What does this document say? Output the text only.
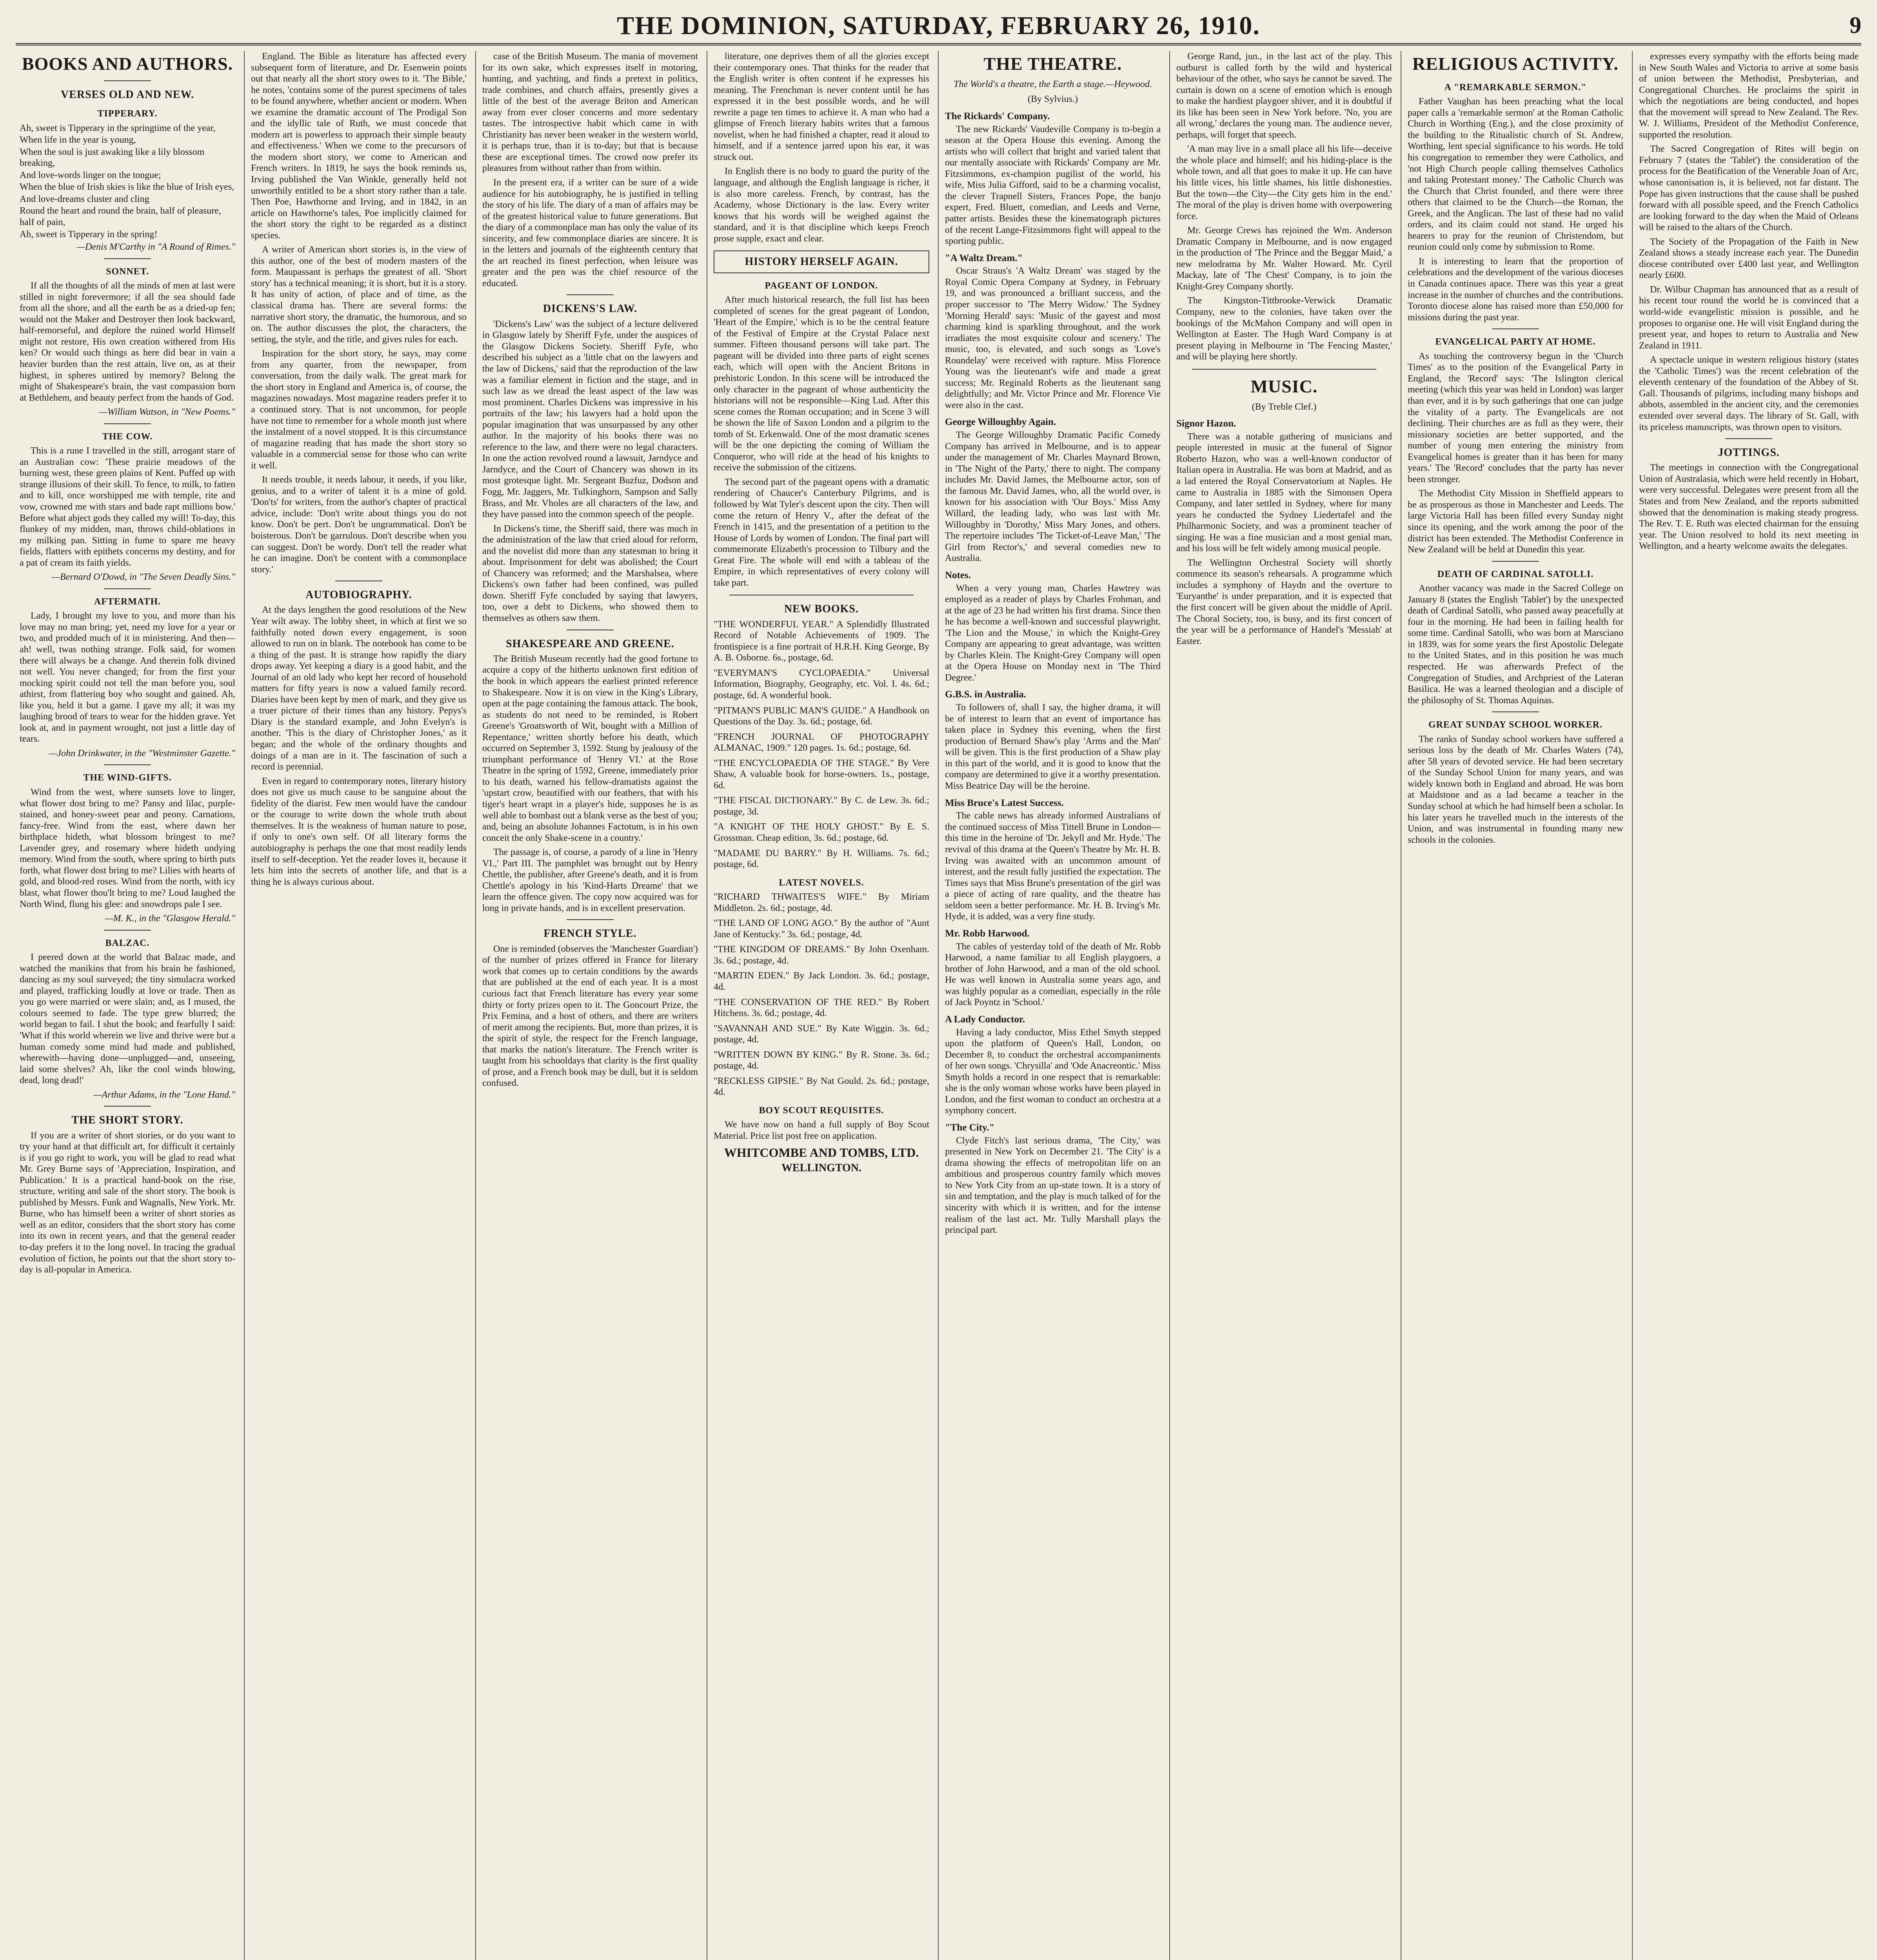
THE DOMINION, SATURDAY, FEBRUARY 26, 1910.	9
BOOKS AND AUTHORS.
VERSES OLD AND NEW.
TIPPERARY.

Ah, sweet is Tipperary in the springtime of the year,

When life in the year is young,

When the soul is just awaking like a lily blossom breaking,

And love-words linger on the tongue;

When the blue of Irish skies is like the blue of Irish eyes,

And love-dreams cluster and cling

Round the heart and round the brain, half of pleasure, half of pain,

Ah, sweet is Tipperary in the spring!

—Denis M'Carthy in "A Round of Rimes."
SONNET.

If all the thoughts of all the minds of men at last were stilled in night forevermore; if all the sea should fade from all the shore, and all the earth be as a dried-up fen; would not the Maker and Destroyer then look backward, half-remorseful, and deplore the ruined world Himself might not restore, His own creation withered from His ken? Or would such things as here did bear in vain a heavier burden than the rest attain, live on, as at their highest, in spheres untired by memory? Belong the might of Shakespeare's brain, the vast compassion born at Bethlehem, and beauty perfect from the hands of God.

—William Watson, in "New Poems."
THE COW.

This is a rune I travelled in the still, arrogant stare of an Australian cow: 'These prairie meadows of the burning west, these green plains of Kent. Puffed up with strange illusions of their skill. To fence, to milk, to fatten and to kill, once worshipped me with temple, rite and vow, crowned me with stars and bade rapt millions bow.' Before what abject gods they called my will! To-day, this flunkey of my midden, man, throws child-oblations in my milking pan. Sitting in fume to spare me heavy fields, flatters with epithets concerns my destiny, and for a pat of cream its faith yields.

—Bernard O'Dowd, in "The Seven Deadly Sins."
AFTERMATH.

Lady, I brought my love to you, and more than his love may no man bring; yet, need my love for a year or two, and prodded much of it in ministering. And then—ah! well, twas nothing strange. Folk said, for women there will always be a change. And therein folk divined not well. You never changed; for from the first your mocking spirit could not tell the man before you, soul athirst, from flattering boy who sought and gained. Ah, like you, held it but a game. I gave my all; it was my laughing brood of tears to wear for the hidden grave. Yet look at, and in payment wrought, not just a little day of tears.

—John Drinkwater, in the "Westminster Gazette."
THE WIND-GIFTS.

Wind from the west, where sunsets love to linger, what flower dost bring to me? Pansy and lilac, purple-stained, and honey-sweet pear and peony. Carnations, fancy-free. Wind from the east, where dawn her birthplace hideth, what blossom bringest to me? Lavender grey, and rosemary where hideth undying memory. Wind from the south, where spring to birth puts forth, what flower dost bring to me? Lilies with hearts of gold, and blood-red roses. Wind from the north, with icy blast, what flower thou'lt bring to me? Loud laughed the North Wind, flung his glee: and snowdrops pale I see.

—M. K., in the "Glasgow Herald."
BALZAC.

I peered down at the world that Balzac made, and watched the manikins that from his brain he fashioned, dancing as my soul surveyed; the tiny simulacra worked and played, trafficking loudly at love or trade. Then as you go were married or were slain; and, as I mused, the colours seemed to fade. The type grew blurred; the world began to fail. I shut the book; and fearfully I said: 'What if this world wherein we live and thrive were but a human comedy some mind had made and published, wherewith—having done—unplugged—and, unseeing, laid some shelves? Ah, like the cool winds blowing, dead, long dead!'

—Arthur Adams, in the "Lone Hand."
THE SHORT STORY.

If you are a writer of short stories, or do you want to try your hand at that difficult art, for difficult it certainly is if you go right to work, you will be glad to read what Mr. Grey Burne says of 'Appreciation, Inspiration, and Publication.' It is a practical hand-book on the rise, structure, writing and sale of the short story. The book is published by Messrs. Funk and Wagnalls, New York. Mr. Burne, who has himself been a writer of short stories as well as an editor, considers that the short story has come into its own in recent years, and that the general reader to-day prefers it to the long novel. In tracing the gradual evolution of fiction, he points out that the short story to-day is all-popular in America.

England. The Bible as literature has affected every subsequent form of literature, and Dr. Esenwein points out that nearly all the short story owes to it. 'The Bible,' he notes, 'contains some of the purest specimens of tales to be found anywhere, whether ancient or modern. When we examine the dramatic account of The Prodigal Son and the idyllic tale of Ruth, we must concede that modern art is powerless to approach their simple beauty and effectiveness.' When we come to the precursors of the modern short story, we come to American and French writers. In 1819, he says the book reminds us, Irving published the Van Winkle, generally held not unworthily entitled to be a short story rather than a tale. Then Poe, Hawthorne and Irving, and in 1842, in an article on Hawthorne's tales, Poe implicitly claimed for the short story the right to be regarded as a distinct species.

A writer of American short stories is, in the view of this author, one of the best of modern masters of the form. Maupassant is perhaps the greatest of all. 'Short story' has a technical meaning; it is short, but it is a story. It has unity of action, of place and of time, as the classical drama has. There are several forms: the narrative short story, the dramatic, the humorous, and so on. The author discusses the plot, the characters, the setting, the style, and the title, and gives rules for each.

Inspiration for the short story, he says, may come from any quarter, from the newspaper, from conversation, from the daily walk. The great mark for the short story in England and America is, of course, the magazines nowadays. Most magazine readers prefer it to a continued story. That is not uncommon, for people have not time to remember for a whole month just where the instalment of a novel stopped. It is this circumstance of magazine reading that has made the short story so valuable in a commercial sense for those who can write it well.

It needs trouble, it needs labour, it needs, if you like, genius, and to a writer of talent it is a mine of gold. 'Don'ts' for writers, from the author's chapter of practical advice, include: 'Don't write about things you do not know. Don't be pert. Don't be ungrammatical. Don't be boisterous. Don't be garrulous. Don't describe when you can suggest. Don't be wordy. Don't tell the reader what he can imagine. Don't be content with a commonplace story.'

AUTOBIOGRAPHY.

At the days lengthen the good resolutions of the New Year wilt away. The lobby sheet, in which at first we so faithfully noted down every engagement, is soon allowed to run on in blank. The notebook has come to be a thing of the past. It is strange how rapidly the diary drops away. Yet keeping a diary is a good habit, and the Journal of an old lady who kept her record of household matters for fifty years is now a valued family record. Diaries have been kept by men of mark, and they give us a truer picture of their times than any history. Pepys's Diary is the standard example, and John Evelyn's is another. 'This is the diary of Christopher Jones,' as it began; and the whole of the ordinary thoughts and doings of a man are in it. The fascination of such a record is perennial.

Even in regard to contemporary notes, literary history does not give us much cause to be sanguine about the fidelity of the diarist. Few men would have the candour or the courage to write down the whole truth about themselves. It is the weakness of human nature to pose, if only to one's own self. Of all literary forms the autobiography is perhaps the one that most readily lends itself to self-deception. Yet the reader loves it, because it lets him into the secrets of another life, and that is a thing he is always curious about.

case of the British Museum. The mania of movement for its own sake, which expresses itself in motoring, hunting, and yachting, and finds a pretext in politics, trade combines, and church affairs, presently gives a little of the best of the average Briton and American away from ever closer concerns and more sedentary tastes. The introspective habit which came in with Christianity has never been weaker in the western world, it is perhaps true, than it is to-day; but that is because these are exceptional times. The crowd now prefer its pleasures from without rather than from within.

In the present era, if a writer can be sure of a wide audience for his autobiography, he is justified in telling the story of his life. The diary of a man of affairs may be of the greatest historical value to future generations. But the diary of a commonplace man has only the value of its sincerity, and few commonplace diaries are sincere. It is in the letters and journals of the eighteenth century that the art reached its finest perfection, when leisure was greater and the pen was the chief resource of the educated.

DICKENS'S LAW.

'Dickens's Law' was the subject of a lecture delivered in Glasgow lately by Sheriff Fyfe, under the auspices of the Glasgow Dickens Society. Sheriff Fyfe, who described his subject as a 'little chat on the lawyers and the law of Dickens,' said that the reproduction of the law was a familiar element in fiction and the stage, and in such law as we dread the least aspect of the law was most prominent. Charles Dickens was impressive in his portraits of the law; his lawyers had a hold upon the popular imagination that was unsurpassed by any other author. In the majority of his books there was no reference to the law, and there were no legal characters. In one the action revolved round a lawsuit, Jarndyce and Jarndyce, and the Court of Chancery was shown in its most grotesque light. Mr. Sergeant Buzfuz, Dodson and Fogg, Mr. Jaggers, Mr. Tulkinghorn, Sampson and Sally Brass, and Mr. Vholes are all characters of the law, and they have passed into the common speech of the people.

In Dickens's time, the Sheriff said, there was much in the administration of the law that cried aloud for reform, and the novelist did more than any statesman to bring it about. Imprisonment for debt was abolished; the Court of Chancery was reformed; and the Marshalsea, where Dickens's own father had been confined, was pulled down. Sheriff Fyfe concluded by saying that lawyers, too, owe a debt to Dickens, who showed them to themselves as others saw them.

SHAKESPEARE AND GREENE.

The British Museum recently had the good fortune to acquire a copy of the hitherto unknown first edition of the book in which appears the earliest printed reference to Shakespeare. Now it is on view in the King's Library, open at the page containing the famous attack. The book, as students do not need to be reminded, is Robert Greene's 'Groatsworth of Wit, bought with a Million of Repentance,' written shortly before his death, which occurred on September 3, 1592. Stung by jealousy of the triumphant performance of 'Henry VI.' at the Rose Theatre in the spring of 1592, Greene, immediately prior to his death, warned his fellow-dramatists against the 'upstart crow, beautified with our feathers, that with his tiger's heart wrapt in a player's hide, supposes he is as well able to bombast out a blank verse as the best of you; and, being an absolute Johannes Factotum, is in his own conceit the only Shake-scene in a country.'

The passage is, of course, a parody of a line in 'Henry VI.,' Part III. The pamphlet was brought out by Henry Chettle, the publisher, after Greene's death, and it is from Chettle's apology in his 'Kind-Harts Dreame' that we learn the offence given. The copy now acquired was for long in private hands, and is in excellent preservation.

FRENCH STYLE.

One is reminded (observes the 'Manchester Guardian') of the number of prizes offered in France for literary work that comes up to certain conditions by the awards that are published at the end of each year. It is a most curious fact that French literature has every year some thirty or forty prizes open to it. The Goncourt Prize, the Prix Femina, and a host of others, and there are writers of merit among the recipients. But, more than prizes, it is the spirit of style, the respect for the French language, that marks the nation's literature. The French writer is taught from his schooldays that clarity is the first quality of prose, and a French book may be dull, but it is seldom confused.

literature, one deprives them of all the glories except their contemporary ones. That thinks for the reader that the English writer is often content if he expresses his meaning. The Frenchman is never content until he has expressed it in the best possible words, and he will rewrite a page ten times to achieve it. A man who had a glimpse of French literary habits writes that a famous novelist, when he had finished a chapter, read it aloud to himself, and if a sentence jarred upon his ear, it was struck out.

In English there is no body to guard the purity of the language, and although the English language is richer, it is also more careless. French, by contrast, has the Academy, whose Dictionary is the law. Every writer knows that his words will be weighed against the standard, and it is that discipline which keeps French prose supple, exact and clear.

HISTORY HERSELF AGAIN.
PAGEANT OF LONDON.

After much historical research, the full list has been completed of scenes for the great pageant of London, 'Heart of the Empire,' which is to be the central feature of the Festival of Empire at the Crystal Palace next summer. Fifteen thousand persons will take part. The pageant will be divided into three parts of eight scenes each, which will open with the Ancient Britons in prehistoric London. In this scene will be introduced the only character in the pageant of whose authenticity the historians will not be responsible—King Lud. After this scene comes the Roman occupation; and in Scene 3 will be shown the life of Saxon London and a pilgrim to the tomb of St. Erkenwald. One of the most dramatic scenes will be the one depicting the coming of William the Conqueror, who will ride at the head of his knights to receive the submission of the citizens.

The second part of the pageant opens with a dramatic rendering of Chaucer's Canterbury Pilgrims, and is followed by Wat Tyler's descent upon the city. Then will come the return of Henry V., after the defeat of the French in 1415, and the presentation of a petition to the House of Lords by women of London. The final part will commemorate Elizabeth's procession to Tilbury and the Great Fire. The whole will end with a tableau of the Empire, in which representatives of every colony will take part.

NEW BOOKS.

"THE WONDERFUL YEAR." A Splendidly Illustrated Record of Notable Achievements of 1909. The frontispiece is a fine portrait of H.R.H. King George, By A. B. Osborne. 6s., postage, 6d.

"EVERYMAN'S CYCLOPAEDIA." Universal Information, Biography, Geography, etc. Vol. I. 4s. 6d.; postage, 6d. A wonderful book.

"PITMAN'S PUBLIC MAN'S GUIDE." A Handbook on Questions of the Day. 3s. 6d.; postage, 6d.

"FRENCH JOURNAL OF PHOTOGRAPHY ALMANAC, 1909." 120 pages. 1s. 6d.; postage, 6d.

"THE ENCYCLOPAEDIA OF THE STAGE." By Vere Shaw, A valuable book for horse-owners. 1s., postage, 6d.

"THE FISCAL DICTIONARY." By C. de Lew. 3s. 6d.; postage, 3d.

"A KNIGHT OF THE HOLY GHOST." By E. S. Grossman. Cheap edition, 3s. 6d.; postage, 6d.

"MADAME DU BARRY." By H. Williams. 7s. 6d.; postage, 6d.

LATEST NOVELS.

"RICHARD THWAITES'S WIFE." By Miriam Middleton. 2s. 6d.; postage, 4d.

"THE LAND OF LONG AGO." By the author of "Aunt Jane of Kentucky." 3s. 6d.; postage, 4d.

"THE KINGDOM OF DREAMS." By John Oxenham. 3s. 6d.; postage, 4d.

"MARTIN EDEN." By Jack London. 3s. 6d.; postage, 4d.

"THE CONSERVATION OF THE RED." By Robert Hitchens. 3s. 6d.; postage, 4d.

"SAVANNAH AND SUE." By Kate Wiggin. 3s. 6d.; postage, 4d.

"WRITTEN DOWN BY KING." By R. Stone. 3s. 6d.; postage, 4d.

"RECKLESS GIPSIE." By Nat Gould. 2s. 6d.; postage, 4d.

BOY SCOUT REQUISITES.

We have now on hand a full supply of Boy Scout Material. Price list post free on application.

WHITCOMBE AND TOMBS, LTD.
WELLINGTON.
THE THEATRE.
The World's a theatre, the Earth a stage.—Heywood.
(By Sylvius.)
The Rickards' Company.

The new Rickards' Vaudeville Company is to-begin a season at the Opera House this evening. Among the artists who will collect that bright and varied talent that our mentally associate with Rickards' Company are Mr. Fitzsimmons, ex-champion pugilist of the world, his wife, Miss Julia Gifford, said to be a charming vocalist, the clever Trapnell Sisters, Frances Pope, the banjo expert, Fred. Bluett, comedian, and Leeds and Verne, patter artists. Besides these the kinematograph pictures of the recent Lange-Fitzsimmons fight will appeal to the sporting public.

"A Waltz Dream."

Oscar Straus's 'A Waltz Dream' was staged by the Royal Comic Opera Company at Sydney, in February 19, and was pronounced a brilliant success, and the proper successor to 'The Merry Widow.' The Sydney 'Morning Herald' says: 'Music of the gayest and most charming kind is sparkling throughout, and the work irradiates the most exquisite colour and scenery.' The music, too, is elevated, and such songs as 'Love's Roundelay' were received with rapture. Miss Florence Young was the lieutenant's wife and made a great success; Mr. Reginald Roberts as the lieutenant sang delightfully; and Mr. Victor Prince and Mr. Florence Vie were also in the cast.

George Willoughby Again.

The George Willoughby Dramatic Pacific Comedy Company has arrived in Melbourne, and is to appear under the management of Mr. Charles Maynard Brown, in 'The Night of the Party,' there to night. The company includes Mr. David James, the Melbourne actor, son of the famous Mr. David James, who, all the world over, is known for his association with 'Our Boys.' Miss Amy Willard, the leading lady, who was last with Mr. Willoughby in 'Dorothy,' Miss Mary Jones, and others. The repertoire includes 'The Ticket-of-Leave Man,' 'The Girl from Rector's,' and several comedies new to Australia.

Notes.

When a very young man, Charles Hawtrey was employed as a reader of plays by Charles Frohman, and at the age of 23 he had written his first drama. Since then he has become a well-known and successful playwright. 'The Lion and the Mouse,' in which the Knight-Grey Company are appearing to great advantage, was written by Charles Klein. The Knight-Grey Company will open at the Opera House on Monday next in 'The Third Degree.'

G.B.S. in Australia.

To followers of, shall I say, the higher drama, it will be of interest to learn that an event of importance has taken place in Sydney this evening, when the first production of Bernard Shaw's play 'Arms and the Man' will be given. This is the first production of a Shaw play in this part of the world, and it is good to know that the company are determined to give it a worthy presentation. Miss Beatrice Day will be the heroine.

Miss Bruce's Latest Success.

The cable news has already informed Australians of the continued success of Miss Tittell Brune in London—this time in the heroine of 'Dr. Jekyll and Mr. Hyde.' The revival of this drama at the Queen's Theatre by Mr. H. B. Irving was awaited with an uncommon amount of interest, and the result fully justified the expectation. The Times says that Miss Brune's presentation of the girl was a piece of acting of rare quality, and the theatre has seldom seen a better performance. Mr. H. B. Irving's Mr. Hyde, it is added, was a very fine study.

Mr. Robb Harwood.

The cables of yesterday told of the death of Mr. Robb Harwood, a name familiar to all English playgoers, a brother of John Harwood, and a man of the old school. He was well known in Australia some years ago, and was highly popular as a comedian, especially in the rôle of Jack Poyntz in 'School.'

A Lady Conductor.

Having a lady conductor, Miss Ethel Smyth stepped upon the platform of Queen's Hall, London, on December 8, to conduct the orchestral accompaniments of her own songs. 'Chrysilla' and 'Ode Anacreontic.' Miss Smyth holds a record in one respect that is remarkable: she is the only woman whose works have been played in London, and the first woman to conduct an orchestra at a symphony concert.

"The City."

Clyde Fitch's last serious drama, 'The City,' was presented in New York on December 21. 'The City' is a drama showing the effects of metropolitan life on an ambitious and prosperous country family which moves to New York City from an up-state town. It is a story of sin and temptation, and the play is much talked of for the sincerity with which it is written, and for the intense realism of the last act. Mr. Tully Marshall plays the principal part.

George Rand, jun., in the last act of the play. This outburst is called forth by the wild and hysterical behaviour of the other, who says he cannot be saved. The curtain is down on a scene of emotion which is enough to make the hardiest playgoer shiver, and it is doubtful if its like has been seen in New York before. 'No, you are all wrong,' declares the young man. The audience never, perhaps, will forget that speech.

'A man may live in a small place all his life—deceive the whole place and himself; and his hiding-place is the whole town, and all that goes to make it up. He can have his little vices, his little shames, his little dishonesties. But the town—the City—the City gets him in the end.' The moral of the play is driven home with overpowering force.

Mr. George Crews has rejoined the Wm. Anderson Dramatic Company in Melbourne, and is now engaged in the production of 'The Prince and the Beggar Maid,' a new melodrama by Mr. Walter Howard. Mr. Cyril Mackay, late of 'The Chest' Company, is to join the Knight-Grey Company shortly.

The Kingston-Tittbrooke-Verwick Dramatic Company, new to the colonies, have taken over the bookings of the McMahon Company and will open in Wellington at Easter. The Hugh Ward Company is at present playing in Melbourne in 'The Fencing Master,' and will be playing here shortly.

MUSIC.
(By Treble Clef.)
Signor Hazon.

There was a notable gathering of musicians and people interested in music at the funeral of Signor Roberto Hazon, who was a well-known conductor of Italian opera in Australia. He was born at Madrid, and as a lad entered the Royal Conservatorium at Naples. He came to Australia in 1885 with the Simonsen Opera Company, and later settled in Sydney, where for many years he conducted the Sydney Liedertafel and the Philharmonic Society, and was a prominent teacher of singing. He was a fine musician and a most genial man, and his loss will be felt widely among musical people.

The Wellington Orchestral Society will shortly commence its season's rehearsals. A programme which includes a symphony of Haydn and the overture to 'Euryanthe' is under preparation, and it is expected that the first concert will be given about the middle of April. The Choral Society, too, is busy, and its first concert of the year will be a performance of Handel's 'Messiah' at Easter.

RELIGIOUS ACTIVITY.
A "REMARKABLE SERMON."

Father Vaughan has been preaching what the local paper calls a 'remarkable sermon' at the Roman Catholic Church in Worthing (Eng.), and the close proximity of the building to the Ritualistic church of St. Andrew, Worthing, lent special significance to his words. He told his congregation to remember they were Catholics, and 'not High Church people calling themselves Catholics and taking Protestant money.' The Catholic Church was the Church that Christ founded, and there were three others that claimed to be the Church—the Roman, the Greek, and the Anglican. The last of these had no valid orders, and its claim could not stand. He urged his hearers to pray for the reunion of Christendom, but reunion could only come by submission to Rome.

It is interesting to learn that the proportion of celebrations and the development of the various dioceses in Canada continues apace. There was this year a great increase in the number of churches and the contributions. Toronto diocese alone has raised more than £50,000 for missions during the past year.

EVANGELICAL PARTY AT HOME.

As touching the controversy begun in the 'Church Times' as to the position of the Evangelical Party in England, the 'Record' says: 'The Islington clerical meeting (which this year was held in London) was larger than ever, and it is by such gatherings that one can judge the vitality of a party. The Evangelicals are not declining. Their churches are as full as they were, their missionary societies are better supported, and the number of young men entering the ministry from Evangelical homes is greater than it has been for many years.' The 'Record' concludes that the party has never been stronger.

The Methodist City Mission in Sheffield appears to be as prosperous as those in Manchester and Leeds. The large Victoria Hall has been filled every Sunday night since its opening, and the work among the poor of the district has been extended. The Methodist Conference in New Zealand will be held at Dunedin this year.

DEATH OF CARDINAL SATOLLI.

Another vacancy was made in the Sacred College on January 8 (states the English 'Tablet') by the unexpected death of Cardinal Satolli, who passed away peacefully at four in the morning. He had been in failing health for some time. Cardinal Satolli, who was born at Marsciano in 1839, was for some years the first Apostolic Delegate to the United States, and in this position he was much respected. He was afterwards Prefect of the Congregation of Studies, and Archpriest of the Lateran Basilica. He was a learned theologian and a disciple of the philosophy of St. Thomas Aquinas.

GREAT SUNDAY SCHOOL WORKER.

The ranks of Sunday school workers have suffered a serious loss by the death of Mr. Charles Waters (74), after 58 years of devoted service. He had been secretary of the Sunday School Union for many years, and was widely known both in England and abroad. He was born at Maidstone and as a lad became a teacher in the Sunday school at which he had himself been a scholar. In his later years he travelled much in the interests of the Union, and was instrumental in founding many new schools in the colonies.

expresses every sympathy with the efforts being made in New South Wales and Victoria to arrive at some basis of union between the Methodist, Presbyterian, and Congregational Churches. He proclaims the spirit in which the negotiations are being conducted, and hopes that the movement will spread to New Zealand. The Rev. W. J. Williams, President of the Methodist Conference, supported the resolution.

The Sacred Congregation of Rites will begin on February 7 (states the 'Tablet') the consideration of the process for the Beatification of the Venerable Joan of Arc, whose canonisation is, it is believed, not far distant. The Pope has given instructions that the cause shall be pushed forward with all possible speed, and the French Catholics are looking forward to the day when the Maid of Orleans will be raised to the altars of the Church.

The Society of the Propagation of the Faith in New Zealand shows a steady increase each year. The Dunedin diocese contributed over £400 last year, and Wellington nearly £600.

Dr. Wilbur Chapman has announced that as a result of his recent tour round the world he is convinced that a world-wide evangelistic mission is possible, and he proposes to organise one. He will visit England during the present year, and hopes to return to Australia and New Zealand in 1911.

A spectacle unique in western religious history (states the 'Catholic Times') was the recent celebration of the eleventh centenary of the foundation of the Abbey of St. Gall. Thousands of pilgrims, including many bishops and abbots, assembled in the ancient city, and the ceremonies extended over several days. The library of St. Gall, with its priceless manuscripts, was thrown open to visitors.

JOTTINGS.

The meetings in connection with the Congregational Union of Australasia, which were held recently in Hobart, were very successful. Delegates were present from all the States and from New Zealand, and the reports submitted showed that the denomination is making steady progress. The Rev. T. E. Ruth was elected chairman for the ensuing year. The Union resolved to hold its next meeting in Wellington, and a hearty welcome awaits the delegates.
